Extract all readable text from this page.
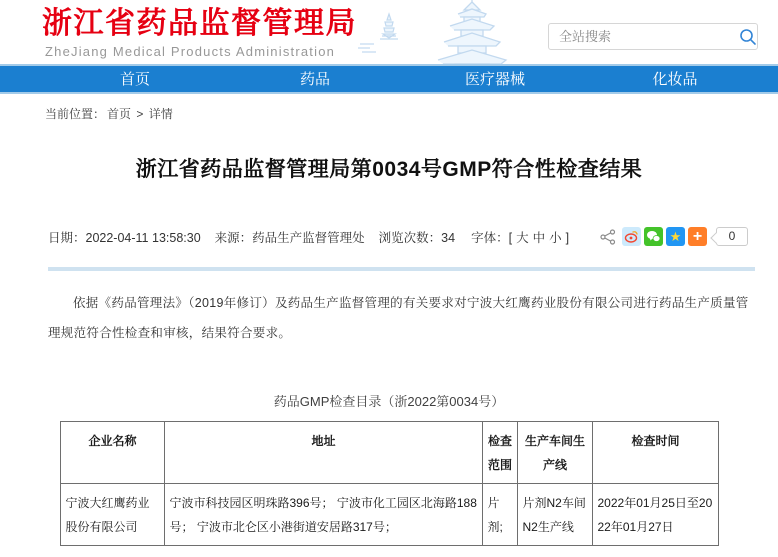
浙江省药品监督管理局
ZheJiang Medical Products Administration
全站搜索
首页	药品	医疗器械	化妆品
当前位置： 首页 > 详情
浙江省药品监督管理局第0034号GMP符合性检查结果
日期：2022-04-11 13:58:30 来源：药品生产监督管理处 浏览次数：34 字体：[ 大 中 小 ]	★ +	0

依据《药品管理法》（2019年修订）及药品生产监督管理的有关要求对宁波大红鹰药业股份有限公司进行药品生产质量管理规范符合性检查和审核，结果符合要求。

药品GMP检查目录（浙2022第0034号）
企业名称	地址	检查范围	生产车间生产线	检查时间
宁波大红鹰药业股份有限公司	宁波市科技园区明珠路396号； 宁波市化工园区北海路188号； 宁波市北仑区小港街道安居路317号；	片剂;	片剂N2车间N2生产线	2022年01月25日至2022年01月27日
